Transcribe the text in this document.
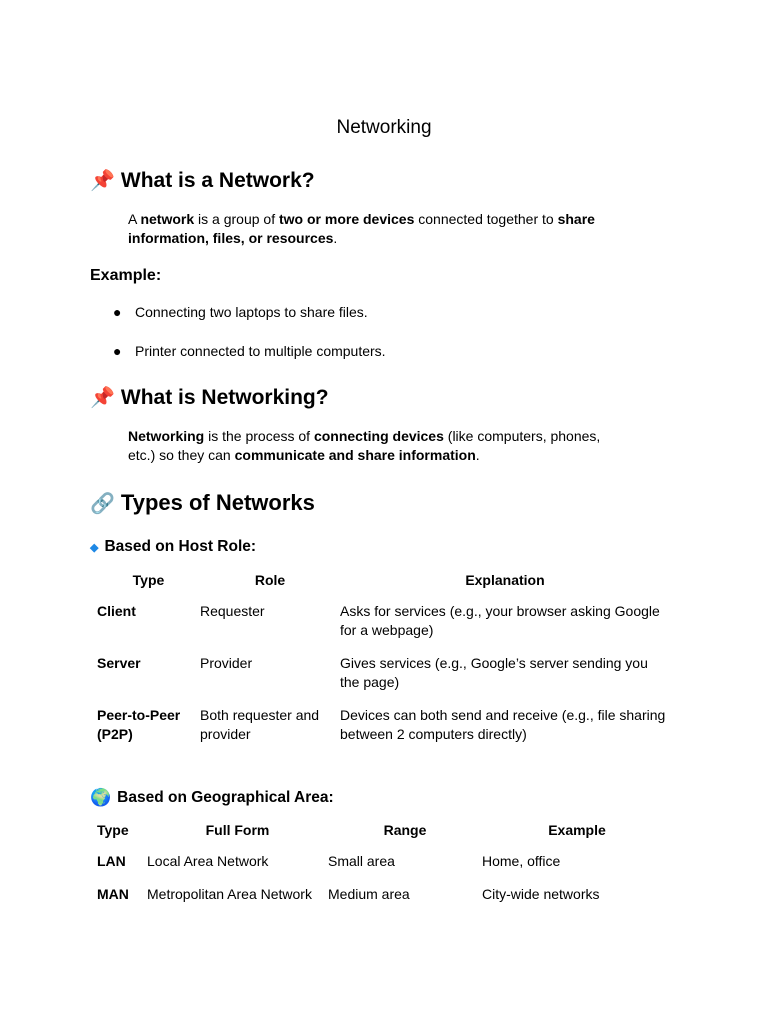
Networking
📌 What is a Network?
A network is a group of two or more devices connected together to share information, files, or resources.
Example:
● Connecting two laptops to share files.
● Printer connected to multiple computers.
📌 What is Networking?
Networking is the process of connecting devices (like computers, phones, etc.) so they can communicate and share information.
🔗 Types of Networks
◆ Based on Host Role:
Type	Role	Explanation
Client	Requester	Asks for services (e.g., your browser asking Google for a webpage)
Server	Provider	Gives services (e.g., Google’s server sending you the page)
Peer-to-Peer (P2P)	Both requester and provider	Devices can both send and receive (e.g., file sharing between 2 computers directly)
🌍 Based on Geographical Area:
Type	Full Form	Range	Example
LAN	Local Area Network	Small area	Home, office
MAN	Metropolitan Area Network	Medium area	City-wide networks
